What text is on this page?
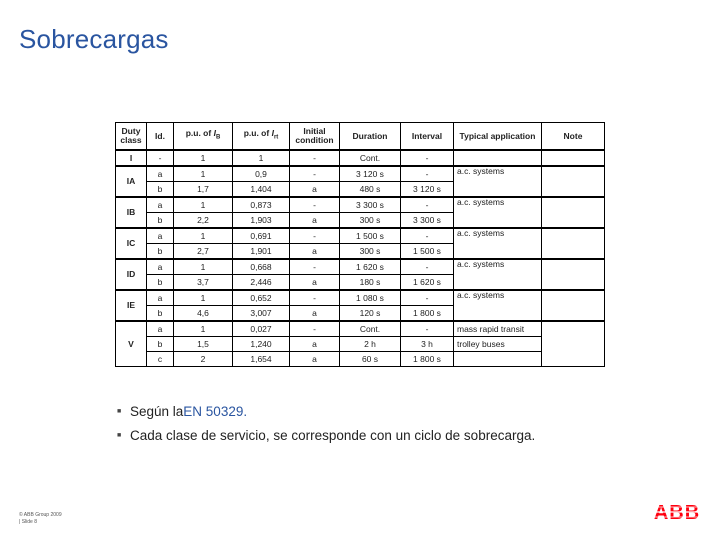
Sobrecargas
Duty class	Id.	p.u. of $I_B$	p.u. of $I_{rt}$	Initial condition	Duration	Interval	Typical application	Note
I	-	1	1	-	Cont.	-		
IA	a	1	0,9	-	3 120 s	-	a.c. systems	
	b	1,7	1,404	a	480 s	3 120 s		
IB	a	1	0,873	-	3 300 s	-	a.c. systems	
	b	2,2	1,903	a	300 s	3 300 s		
IC	a	1	0,691	-	1 500 s	-	a.c. systems	
	b	2,7	1,901	a	300 s	1 500 s		
ID	a	1	0,668	-	1 620 s	-	a.c. systems	
	b	3,7	2,446	a	180 s	1 620 s		
IE	a	1	0,652	-	1 080 s	-	a.c. systems	
	b	4,6	3,007	a	120 s	1 800 s		
V	a	1	0,027	-	Cont.	-	mass rapid transit	
	b	1,5	1,240	a	2 h	3 h	trolley buses	
	c	2	1,654	a	60 s	1 800 s		
■ Según la EN 50329.
■ Cada clase de servicio, se corresponde con un ciclo de sobrecarga.
© ABB Group 2009
| Slide 8	ABB
